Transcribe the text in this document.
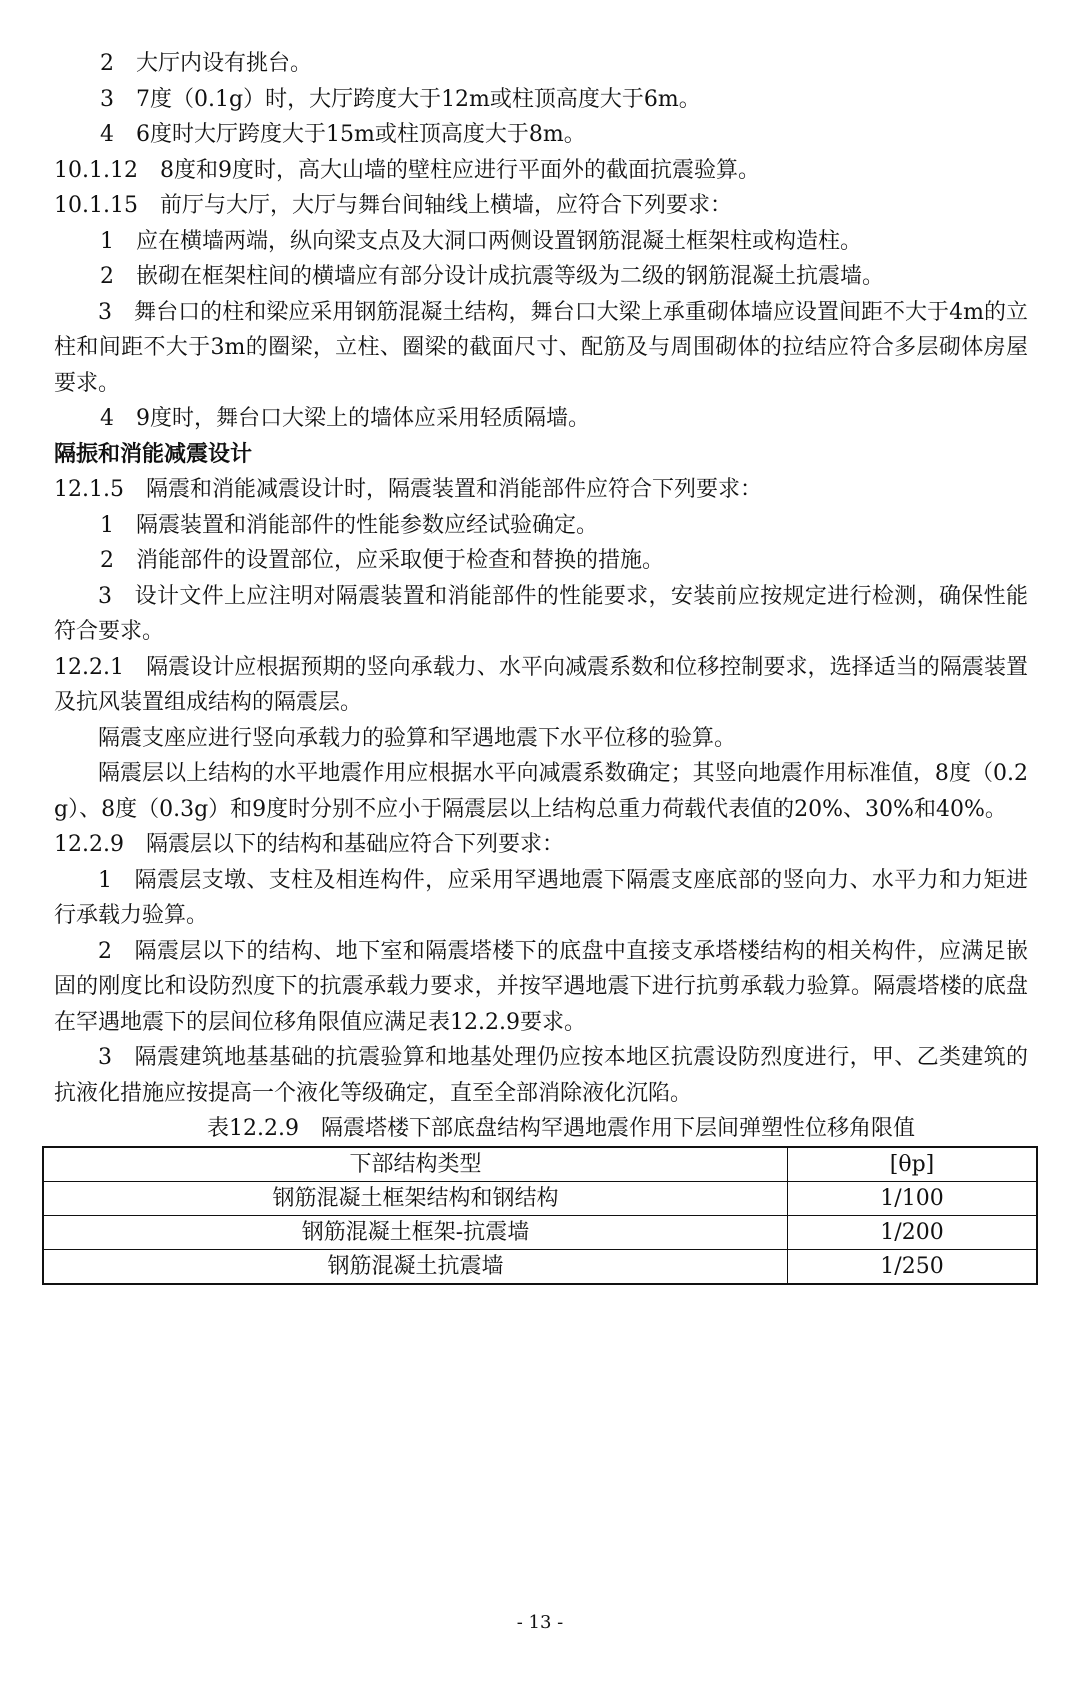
2　大厅内设有挑台。
3　7度（0.1g）时，大厅跨度大于12m或柱顶高度大于6m。
4　6度时大厅跨度大于15m或柱顶高度大于8m。
10.1.12　8度和9度时，高大山墙的壁柱应进行平面外的截面抗震验算。
10.1.15　前厅与大厅，大厅与舞台间轴线上横墙，应符合下列要求：
1　应在横墙两端，纵向梁支点及大洞口两侧设置钢筋混凝土框架柱或构造柱。
2　嵌砌在框架柱间的横墙应有部分设计成抗震等级为二级的钢筋混凝土抗震墙。
3　舞台口的柱和梁应采用钢筋混凝土结构，舞台口大梁上承重砌体墙应设置间距不大于4m的立柱和间距不大于3m的圈梁，立柱、圈梁的截面尺寸、配筋及与周围砌体的拉结应符合多层砌体房屋要求。
4　9度时，舞台口大梁上的墙体应采用轻质隔墙。
隔振和消能减震设计
12.1.5　隔震和消能减震设计时，隔震装置和消能部件应符合下列要求：
1　隔震装置和消能部件的性能参数应经试验确定。
2　消能部件的设置部位，应采取便于检查和替换的措施。
3　设计文件上应注明对隔震装置和消能部件的性能要求，安装前应按规定进行检测，确保性能符合要求。
12.2.1　隔震设计应根据预期的竖向承载力、水平向减震系数和位移控制要求，选择适当的隔震装置及抗风装置组成结构的隔震层。
隔震支座应进行竖向承载力的验算和罕遇地震下水平位移的验算。
隔震层以上结构的水平地震作用应根据水平向减震系数确定；其竖向地震作用标准值，8度（0.2g）、8度（0.3g）和9度时分别不应小于隔震层以上结构总重力荷载代表值的20%、30%和40%。
12.2.9　隔震层以下的结构和基础应符合下列要求：
1　隔震层支墩、支柱及相连构件，应采用罕遇地震下隔震支座底部的竖向力、水平力和力矩进行承载力验算。
2　隔震层以下的结构、地下室和隔震塔楼下的底盘中直接支承塔楼结构的相关构件，应满足嵌固的刚度比和设防烈度下的抗震承载力要求，并按罕遇地震下进行抗剪承载力验算。隔震塔楼的底盘在罕遇地震下的层间位移角限值应满足表12.2.9要求。
3　隔震建筑地基基础的抗震验算和地基处理仍应按本地区抗震设防烈度进行，甲、乙类建筑的抗液化措施应按提高一个液化等级确定，直至全部消除液化沉陷。
表12.2.9　隔震塔楼下部底盘结构罕遇地震作用下层间弹塑性位移角限值
下部结构类型	[θp]
钢筋混凝土框架结构和钢结构	1/100
钢筋混凝土框架-抗震墙	1/200
钢筋混凝土抗震墙	1/250
- 13 -
